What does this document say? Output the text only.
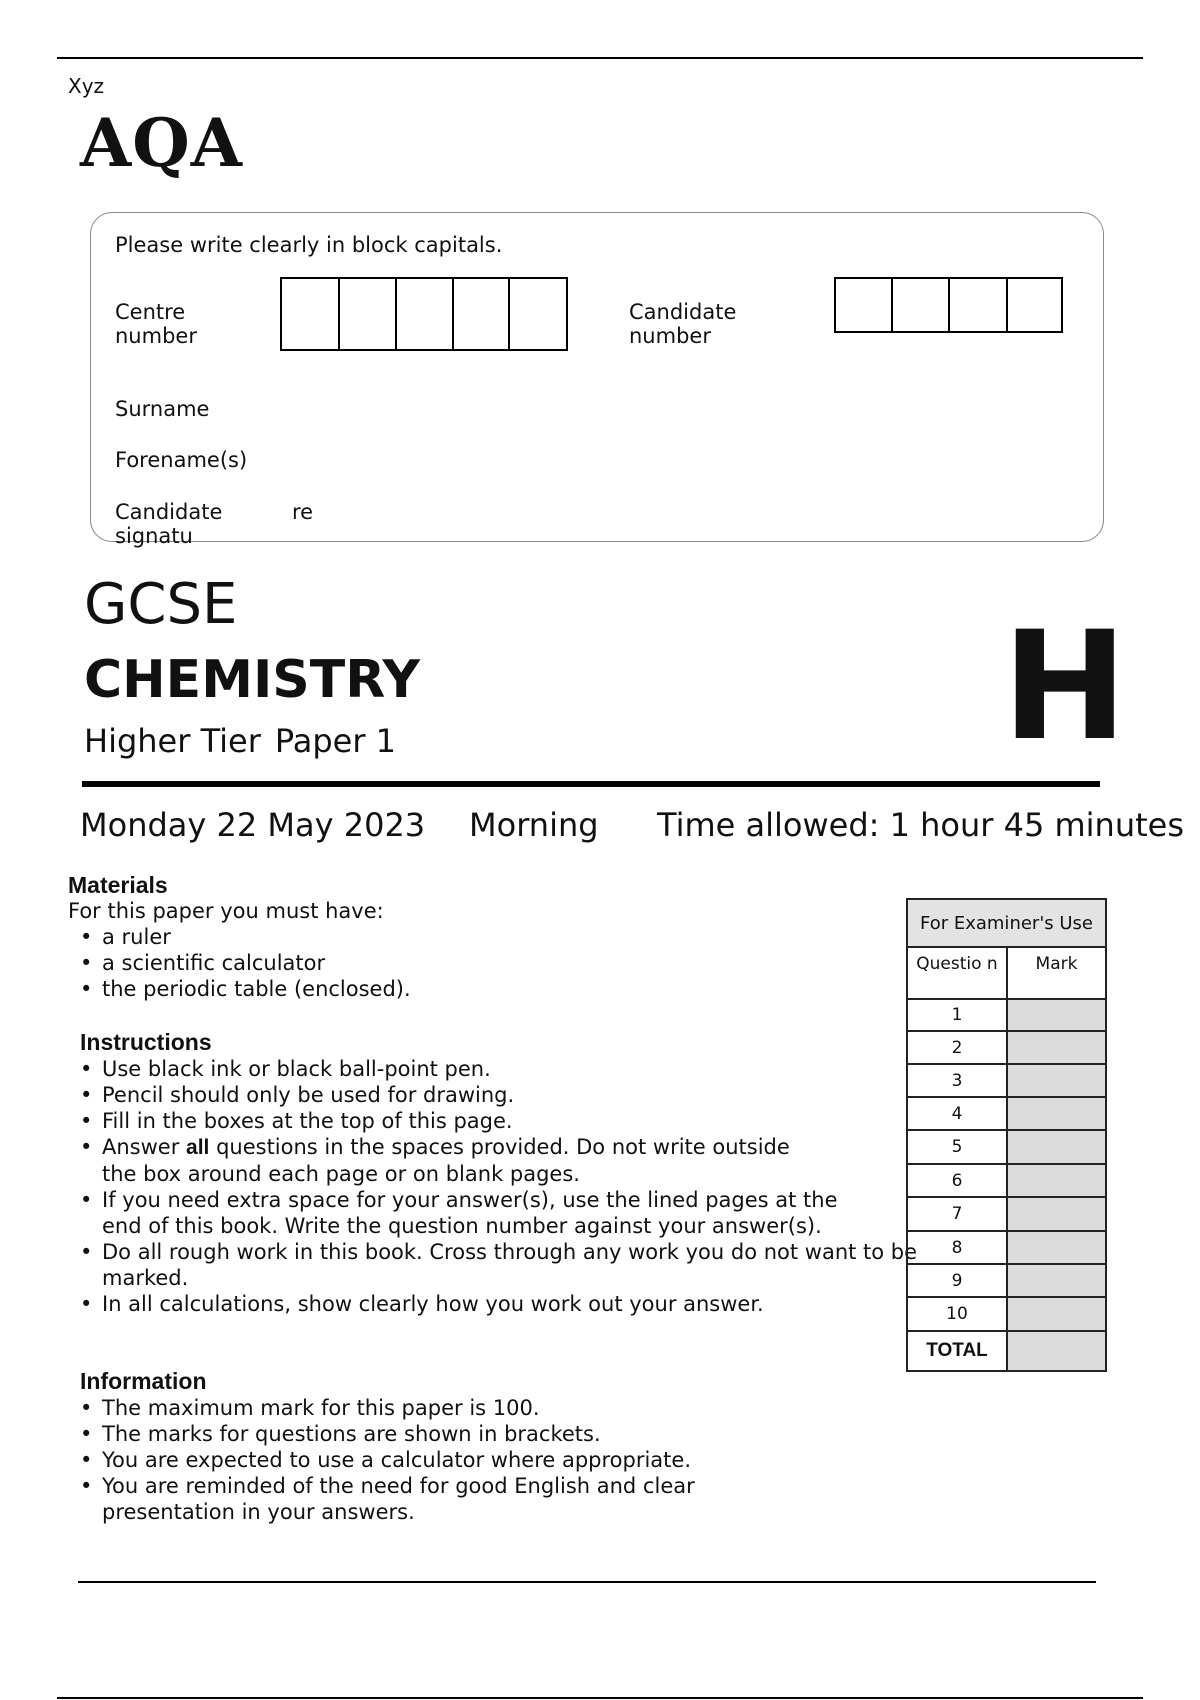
Xyz
AQA
Please write clearly in block capitals.
Centre
number
Candidate
number
Surname
Forename(s)
Candidate
signatu
re
GCSE
CHEMISTRY
Higher Tier Paper 1	H
Monday 22 May 2023 Morning Time allowed: 1 hour 45 minutes
Materials
For this paper you must have:
• a ruler
• a scientific calculator
• the periodic table (enclosed).
Instructions
• Use black ink or black ball-point pen.
• Pencil should only be used for drawing.
• Fill in the boxes at the top of this page.
• Answer all questions in the spaces provided. Do not write outside the box around each page or on blank pages.
• If you need extra space for your answer(s), use the lined pages at the end of this book. Write the question number against your answer(s).
• Do all rough work in this book. Cross through any work you do not want to be marked.
• In all calculations, show clearly how you work out your answer.
Information
• The maximum mark for this paper is 100.
• The marks for questions are shown in brackets.
• You are expected to use a calculator where appropriate.
• You are reminded of the need for good English and clear presentation in your answers.
For Examiner's Use	
Questio n	Mark
1	
2	
3	
4	
5	
6	
7	
8	
9	
10	
TOTAL	
